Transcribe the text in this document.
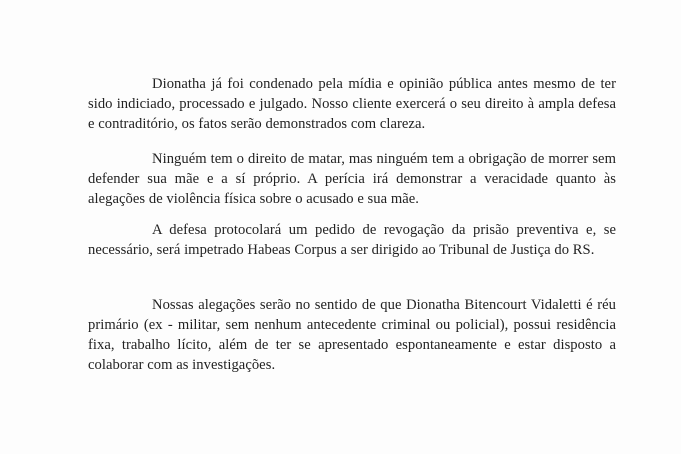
Dionatha já foi condenado pela mídia e opinião pública antes mesmo de ter sido indiciado, processado e julgado. Nosso cliente exercerá o seu direito à ampla defesa e contraditório, os fatos serão demonstrados com clareza.

Ninguém tem o direito de matar, mas ninguém tem a obrigação de morrer sem defender sua mãe e a sí próprio. A perícia irá demonstrar a veracidade quanto às alegações de violência física sobre o acusado e sua mãe.

A defesa protocolará um pedido de revogação da prisão preventiva e, se necessário, será impetrado Habeas Corpus a ser dirigido ao Tribunal de Justiça do RS.

Nossas alegações serão no sentido de que Dionatha Bitencourt Vidaletti é réu primário (ex - militar, sem nenhum antecedente criminal ou policial), possui residência fixa, trabalho lícito, além de ter se apresentado espontaneamente e estar disposto a colaborar com as investigações.
